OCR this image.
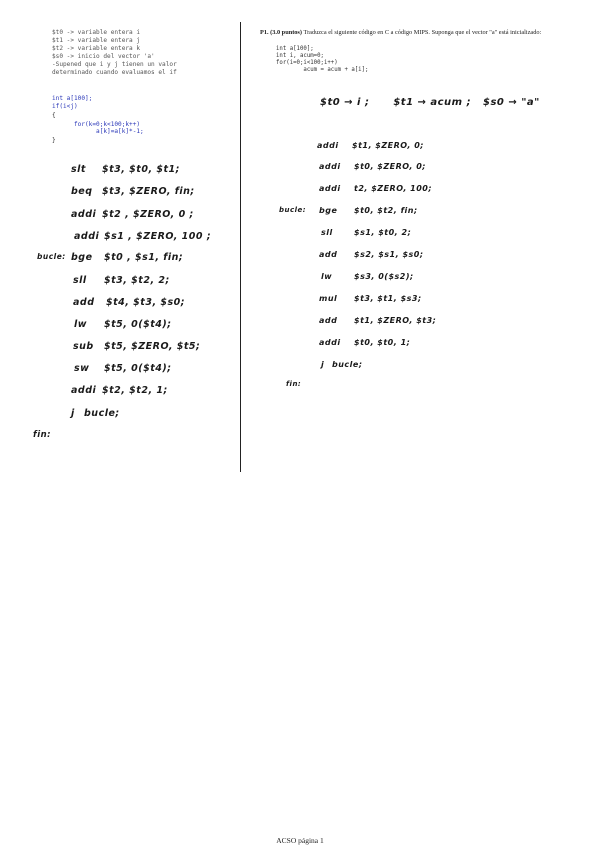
$t0 -> variable entera i
$t1 -> variable entera j
$t2 -> variable entera k
$s0 -> inicio del vector 'a'
-Supened que i y j tienen un valor
determinado cuando evaluamos el if
int a[100];
if(i<j)
{
for(k=0;k<100;k++)
a[k]=a[k]*-1;
}
slt $t3, $t0, $t1;
beq $t3, $ZERO, fin;
addi $t2 , $ZERO, 0 ;
addi $s1 , $ZERO, 100 ;
bucle: bge $t0 , $s1, fin;
sll $t3, $t2, 2;
add $t4, $t3, $s0;
lw $t5, 0($t4);
sub $t5, $ZERO, $t5;
sw $t5, 0($t4);
addi $t2, $t2, 1;
j bucle;
fin:
P1. (3.0 puntos) Traduzca el siguiente código en C a código MIPS. Suponga que el vector "a" está inicializado:
int a[100];
int i, acum=0;
for(i=0;i<100;i++)
acum = acum + a[i];
$t0 → i ;      $t1 → acum ;   $s0 → "a"
addi $t1, $ZERO, 0;
addi $t0, $ZERO, 0;
addi t2, $ZERO, 100;
bucle: bge $t0, $t2, fin;
sll	$s1, $t0, 2;
add $s2, $s1, $s0;
lw	$s3, 0($s2);
mul $t3, $t1, $s3;
add $t1, $ZERO, $t3;
addi $t0, $t0, 1;
j bucle;
fin:
ACSO página 1
